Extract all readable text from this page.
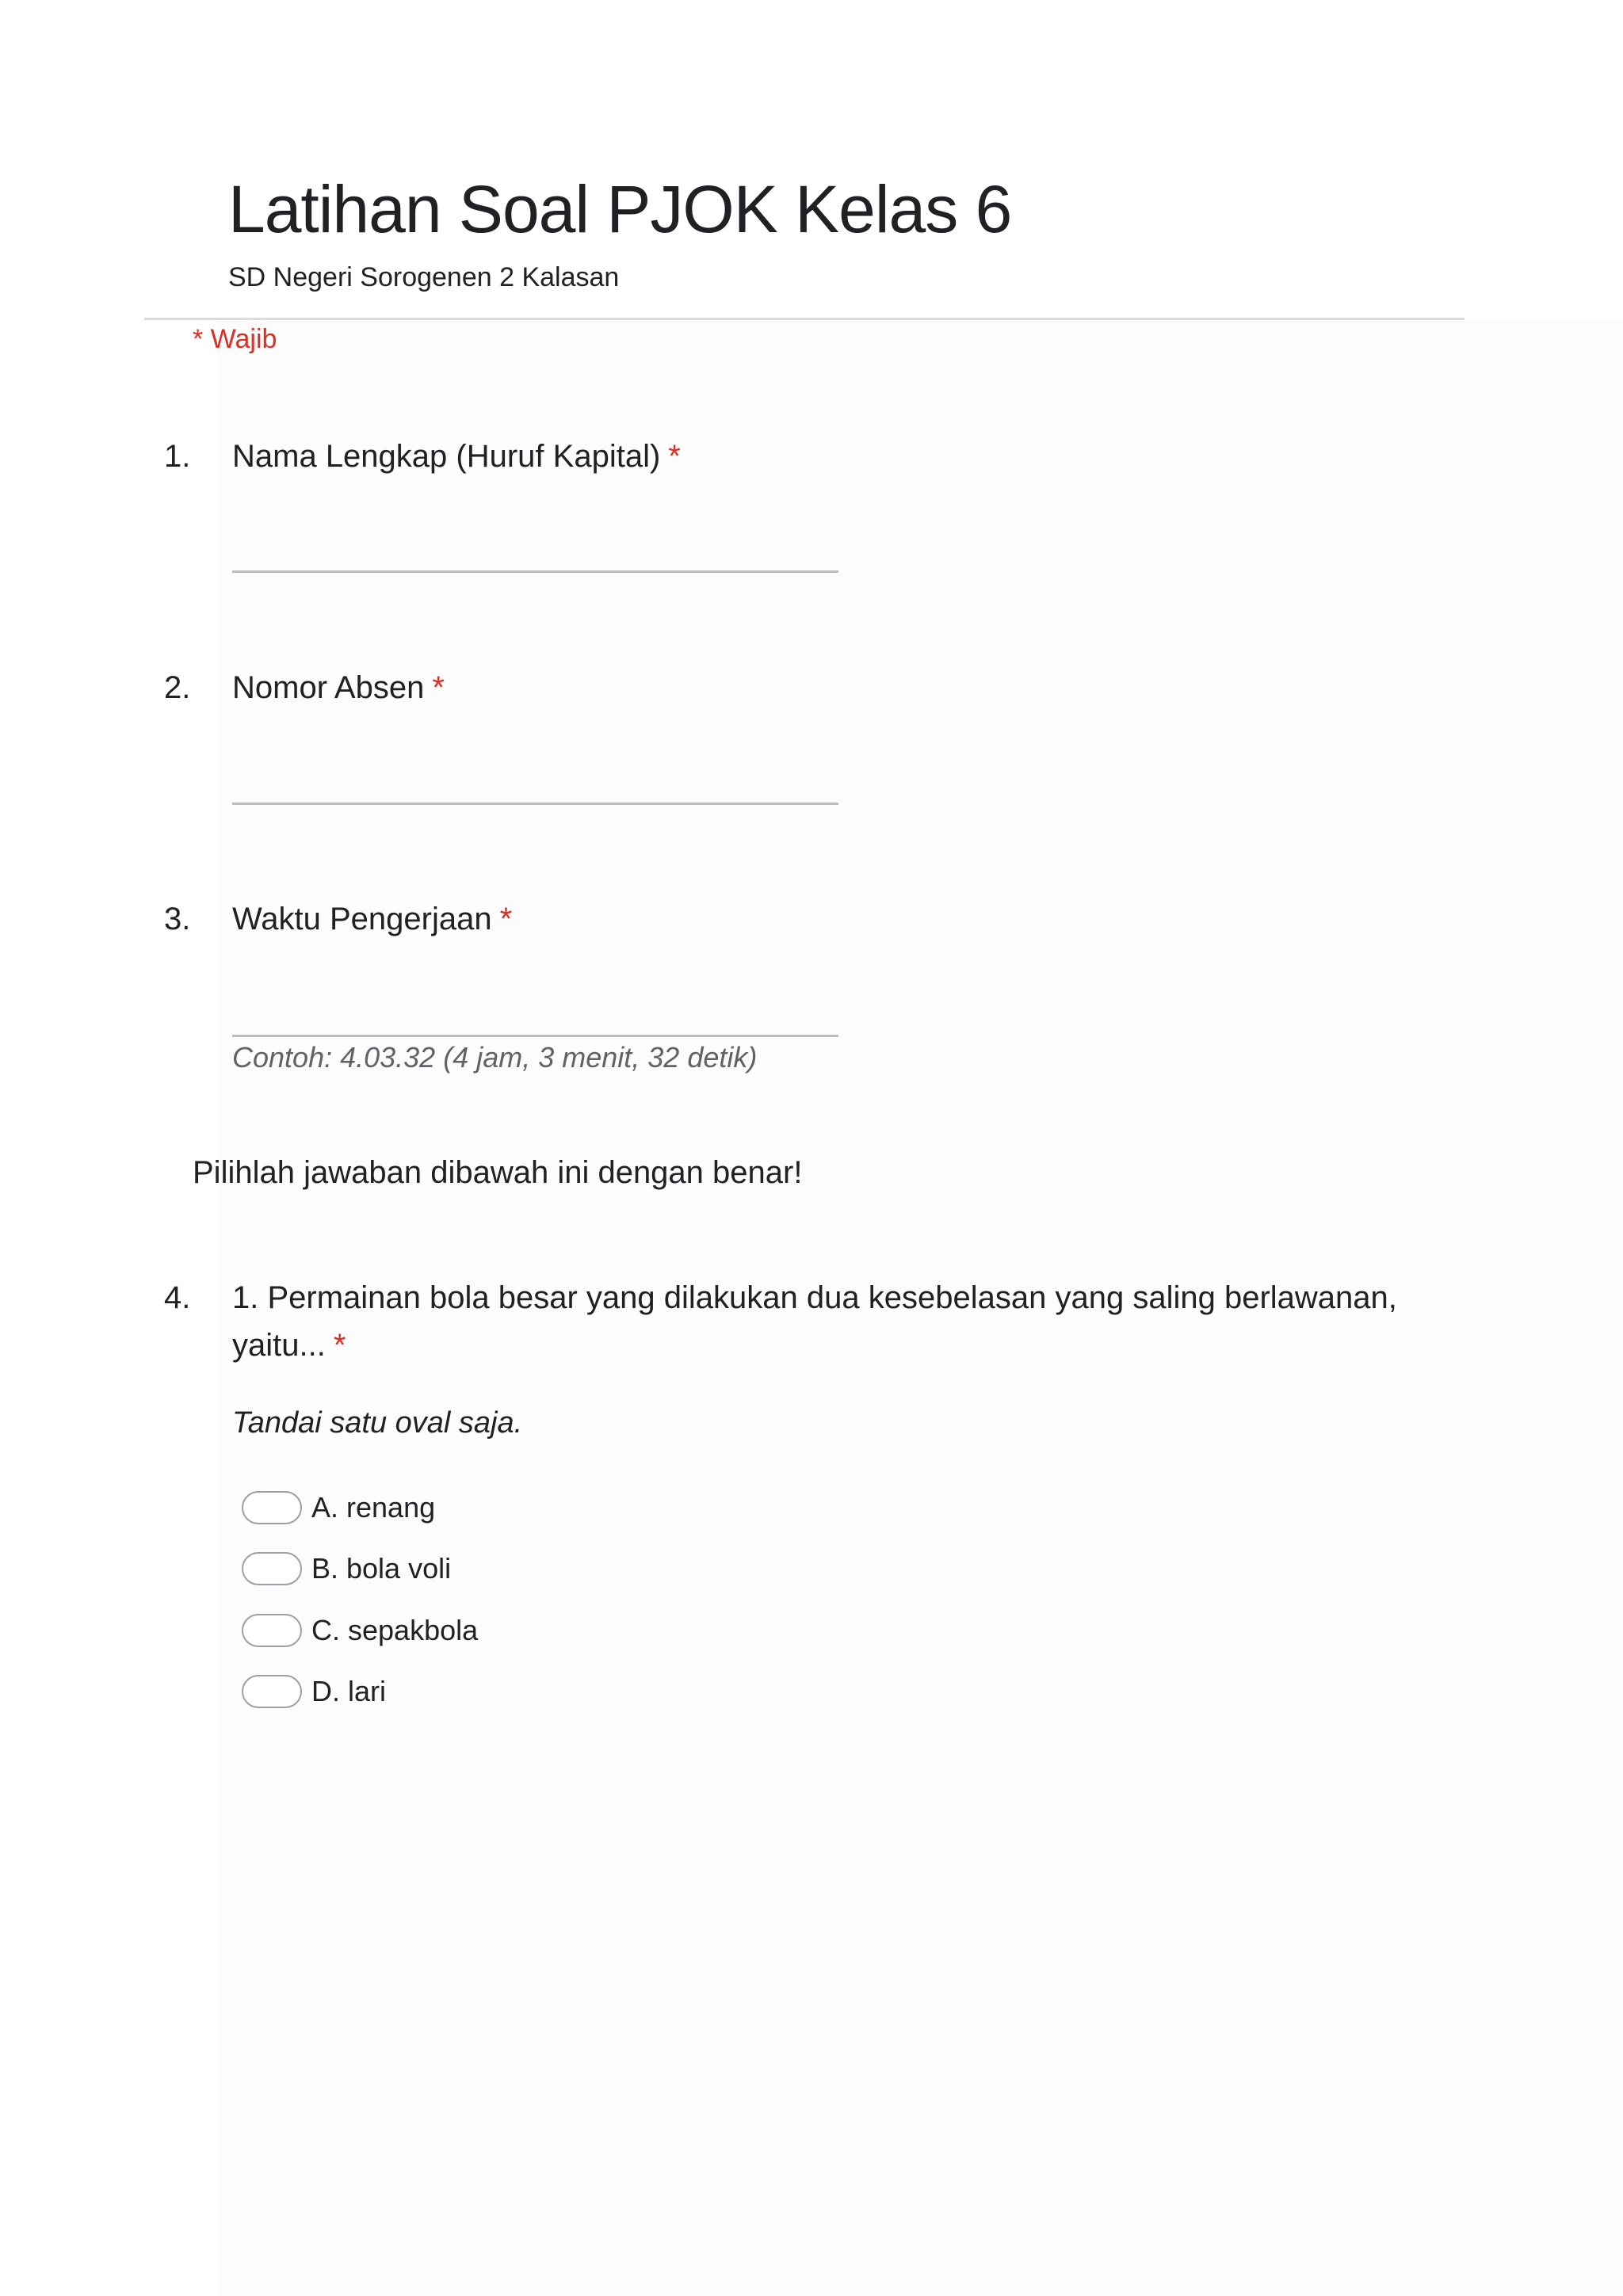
Latihan Soal PJOK Kelas 6
SD Negeri Sorogenen 2 Kalasan
* Wajib
1. Nama Lengkap (Huruf Kapital) *
2. Nomor Absen *
3. Waktu Pengerjaan *
Contoh: 4.03.32 (4 jam, 3 menit, 32 detik)
Pilihlah jawaban dibawah ini dengan benar!
4. 1. Permainan bola besar yang dilakukan dua kesebelasan yang saling berlawanan, yaitu... *
Tandai satu oval saja.
A. renang
B. bola voli
C. sepakbola
D. lari
